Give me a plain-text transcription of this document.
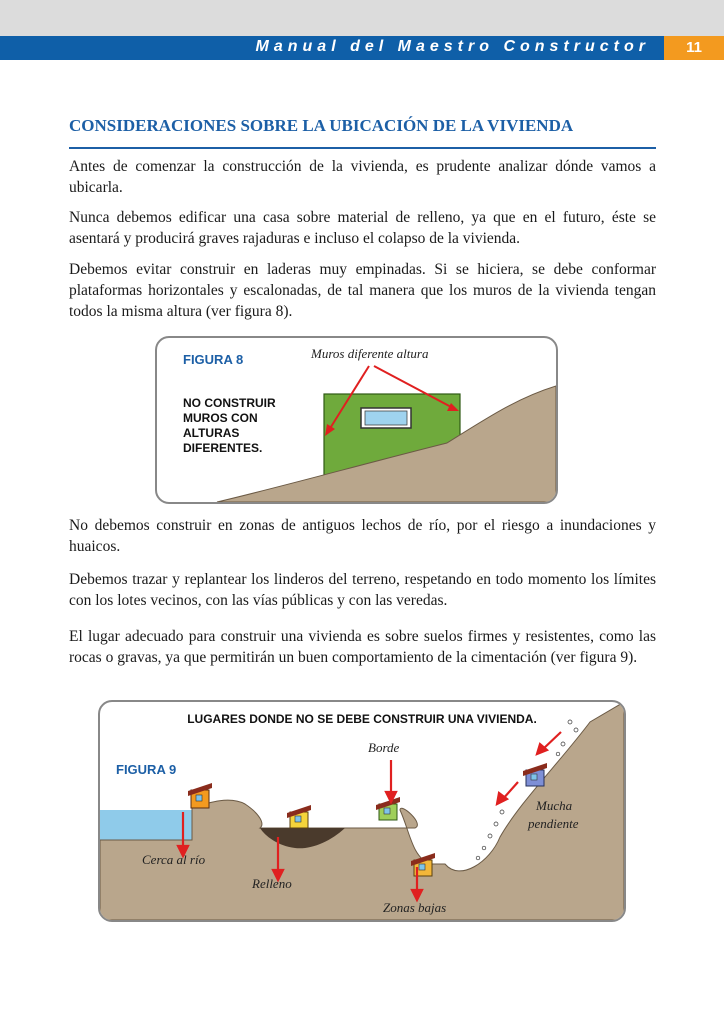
Manual del Maestro Constructor	11
CONSIDERACIONES SOBRE LA UBICACIÓN DE LA VIVIENDA

Antes de comenzar la construcción de la vivienda, es prudente analizar dónde vamos a ubicarla.

Nunca debemos edificar una casa sobre material de relleno, ya que en el futuro, éste se asentará y producirá graves rajaduras e incluso el colapso de la vivienda.

Debemos evitar construir en laderas muy empinadas. Si se hiciera, se debe conformar plataformas horizontales y escalonadas, de tal manera que los muros de la vivienda tengan todos la misma altura (ver figura 8).

FIGURA 8	Muros diferente altura
NO CONSTRUIR MUROS CON ALTURAS DIFERENTES.

No debemos construir en zonas de antiguos lechos de río, por el riesgo a inundaciones y huaicos.

Debemos trazar y replantear los linderos del terreno, respetando en todo momento los límites con los lotes vecinos, con las vías públicas y con las veredas.

El lugar adecuado para construir una vivienda es sobre suelos firmes y resistentes, como las rocas o gravas, ya que permitirán un buen comportamiento de la cimentación (ver figura 9).

LUGARES DONDE NO SE DEBE CONSTRUIR UNA VIVIENDA.
FIGURA 9
Borde
Cerca al río
Relleno
Zonas bajas
Mucha
pendiente
